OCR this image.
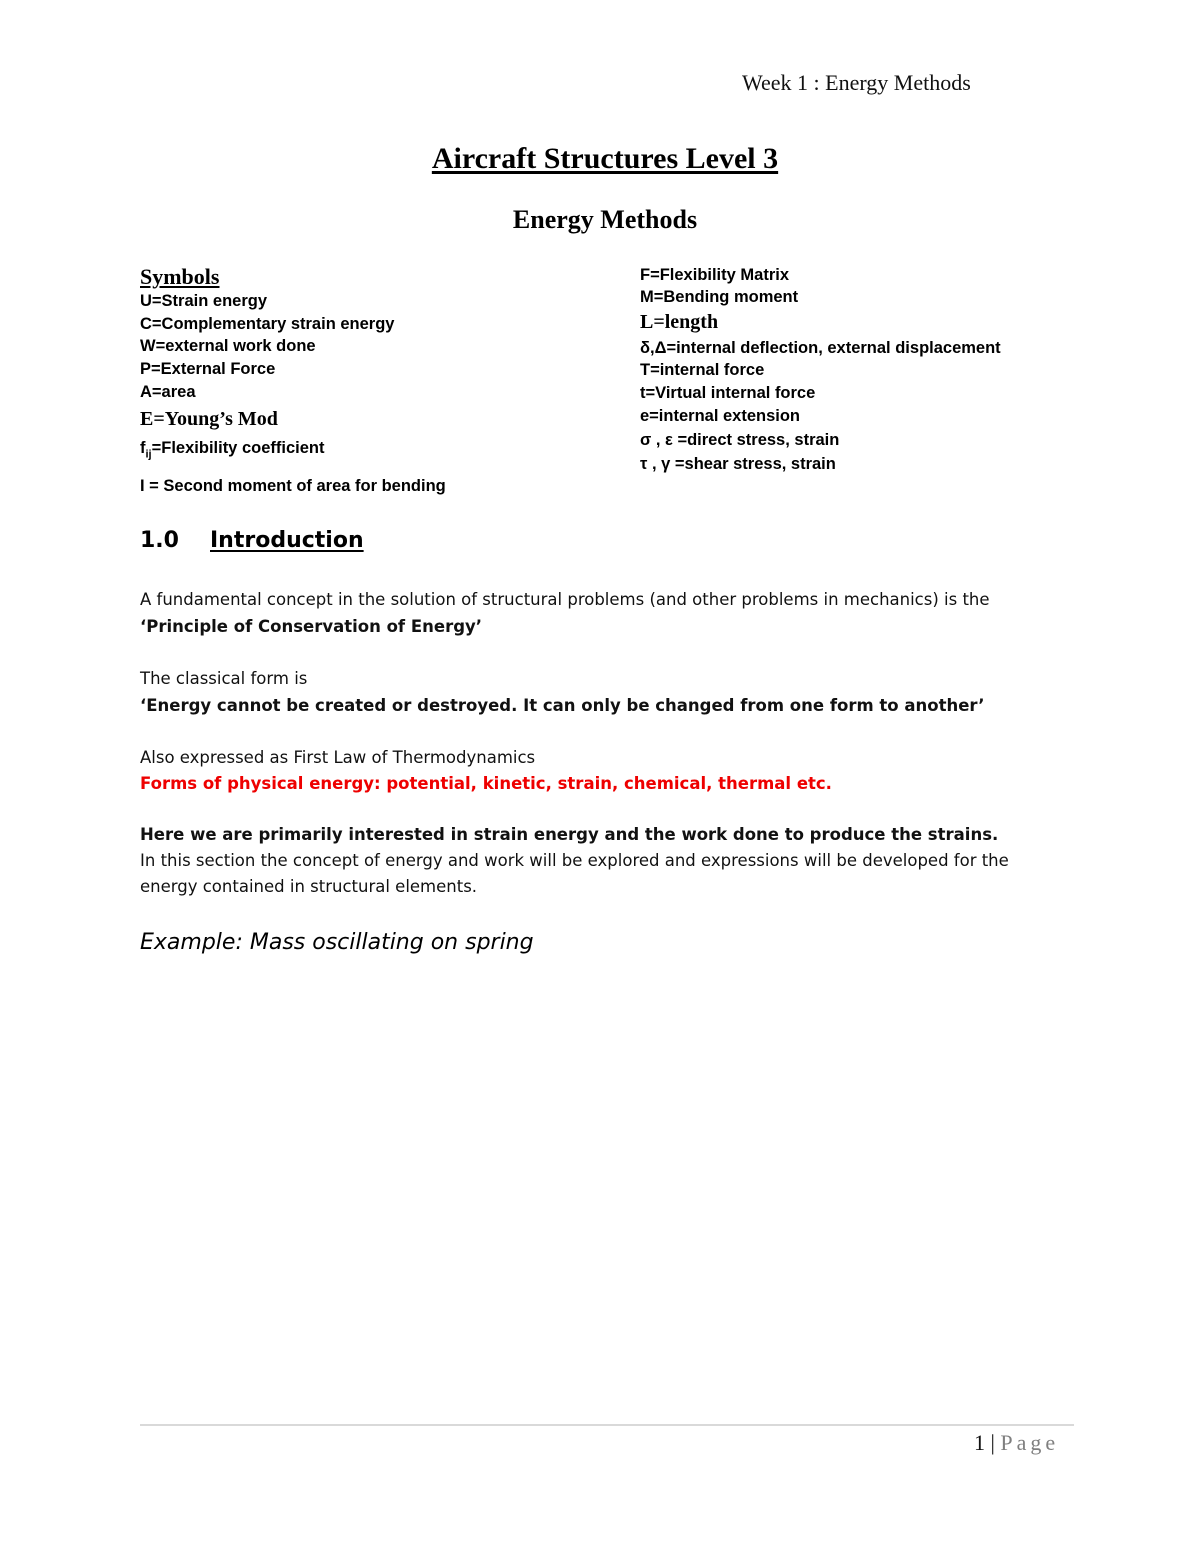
Week 1 : Energy Methods
Aircraft Structures Level 3
Energy Methods
Symbols
U=Strain energy
C=Complementary strain energy
W=external work done
P=External Force
A=area
E=Young’s Mod
$f_{ij}=Flexibility$ coefficient
I = Second moment of area for bending
F=Flexibility Matrix
M=Bending moment
L=length
δ,Δ=internal deflection, external displacement
T=internal force
t=Virtual internal force
e=internal extension
σ , ε =direct stress, strain
τ , γ =shear stress, strain
1.0 Introduction
A fundamental concept in the solution of structural problems (and other problems in mechanics) is the
‘Principle of Conservation of Energy’
The classical form is
‘Energy cannot be created or destroyed. It can only be changed from one form to another’
Also expressed as First Law of Thermodynamics
Forms of physical energy: potential, kinetic, strain, chemical, thermal etc.
Here we are primarily interested in strain energy and the work done to produce the strains.
In this section the concept of energy and work will be explored and expressions will be developed for the
energy contained in structural elements.
Example: Mass oscillating on spring
1 | Page
